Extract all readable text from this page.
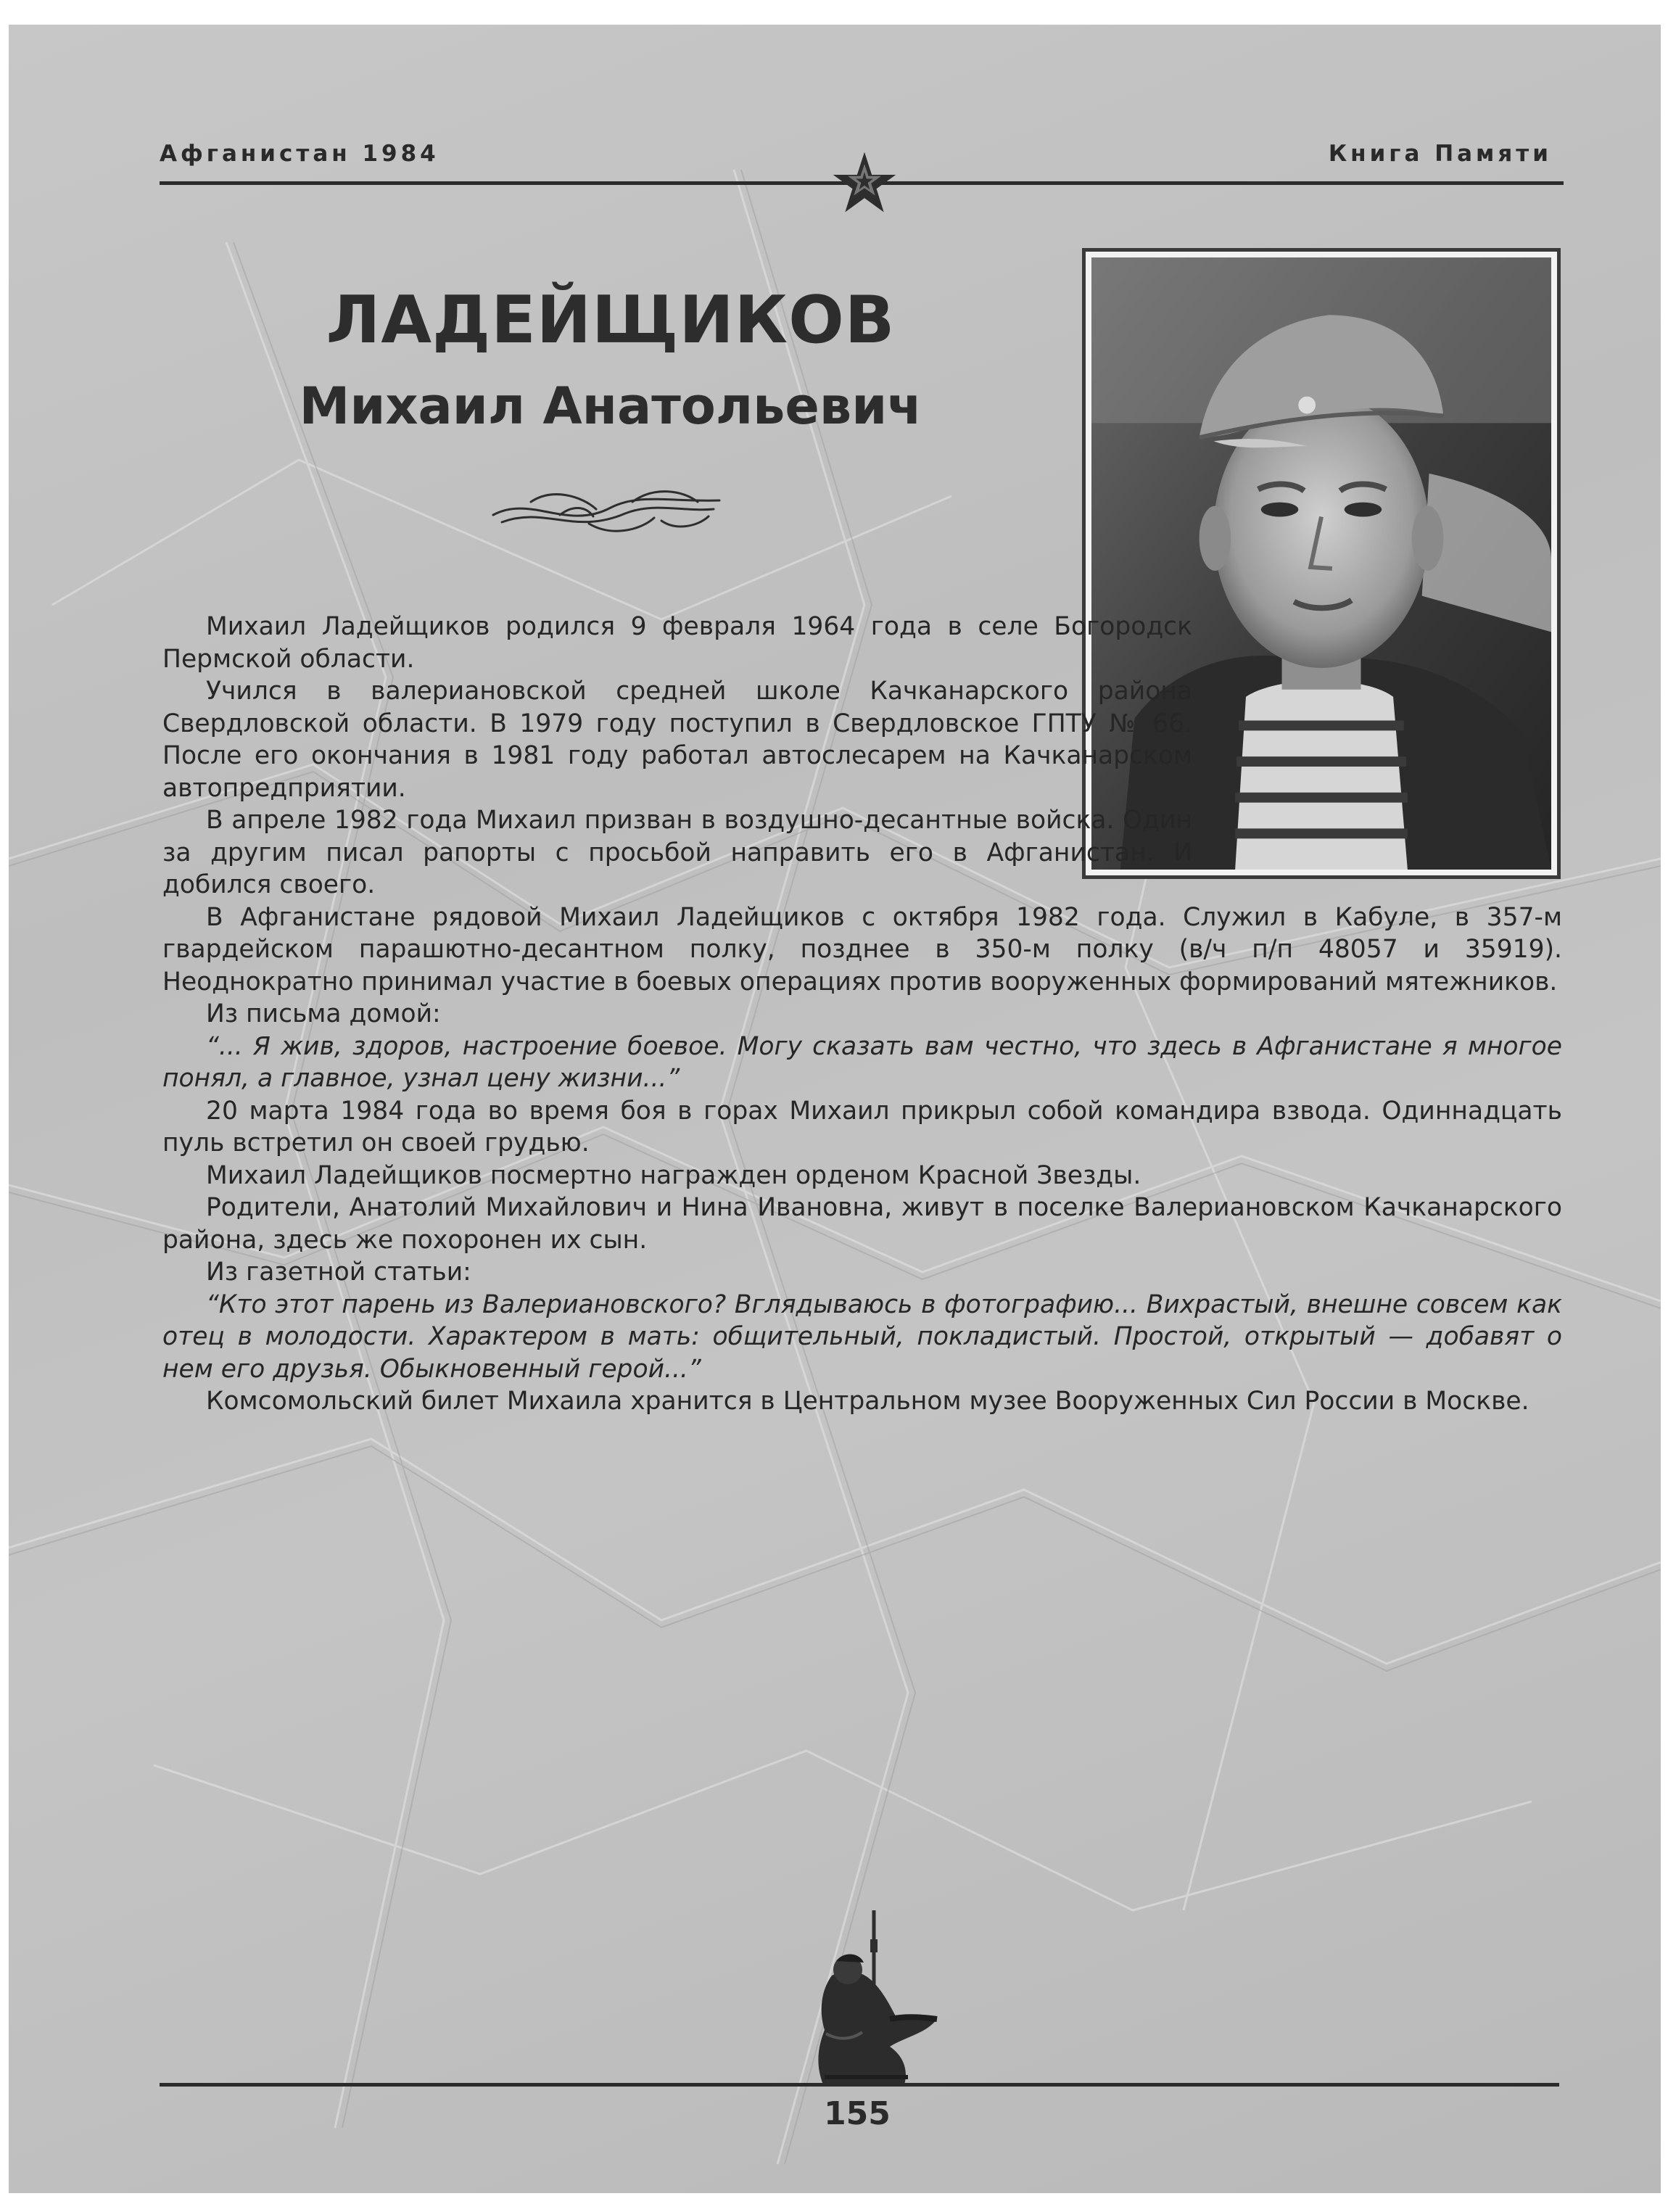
Афганистан 1984	Книга Памяти
ЛАДЕЙЩИКОВ
Михаил Анатольевич

Михаил Ладейщиков родился 9 февраля 1964 года в селе Богородск Пермской области.

Учился в валериановской средней школе Качканарского района Свердловской области. В 1979 году поступил в Свердловское ГПТУ № 66. После его окончания в 1981 году работал автослесарем на Качканарском автопредприятии.

В апреле 1982 года Михаил призван в воздушно-десантные войска. Один за другим писал рапорты с просьбой направить его в Афганистан. И добился своего.

В Афганистане рядовой Михаил Ладейщиков с октября 1982 года. Служил в Кабуле, в 357-м гвардейском парашютно-десантном полку, позднее в 350-м полку (в/ч п/п 48057 и 35919). Неоднократно принимал участие в боевых операциях против вооруженных формирований мятежников.

Из письма домой:

“... Я жив, здоров, настроение боевое. Могу сказать вам честно, что здесь в Афганистане я многое понял, а главное, узнал цену жизни...”

20 марта 1984 года во время боя в горах Михаил прикрыл собой командира взвода. Одиннадцать пуль встретил он своей грудью.

Михаил Ладейщиков посмертно награжден орденом Красной Звезды.

Родители, Анатолий Михайлович и Нина Ивановна, живут в поселке Валериановском Качканарского района, здесь же похоронен их сын.

Из газетной статьи:

“Кто этот парень из Валериановского? Вглядываюсь в фотографию... Вихрастый, внешне совсем как отец в молодости. Характером в мать: общительный, покладистый. Простой, открытый — добавят о нем его друзья. Обыкновенный герой...”

Комсомольский билет Михаила хранится в Центральном музее Вооруженных Сил России в Москве.

155
